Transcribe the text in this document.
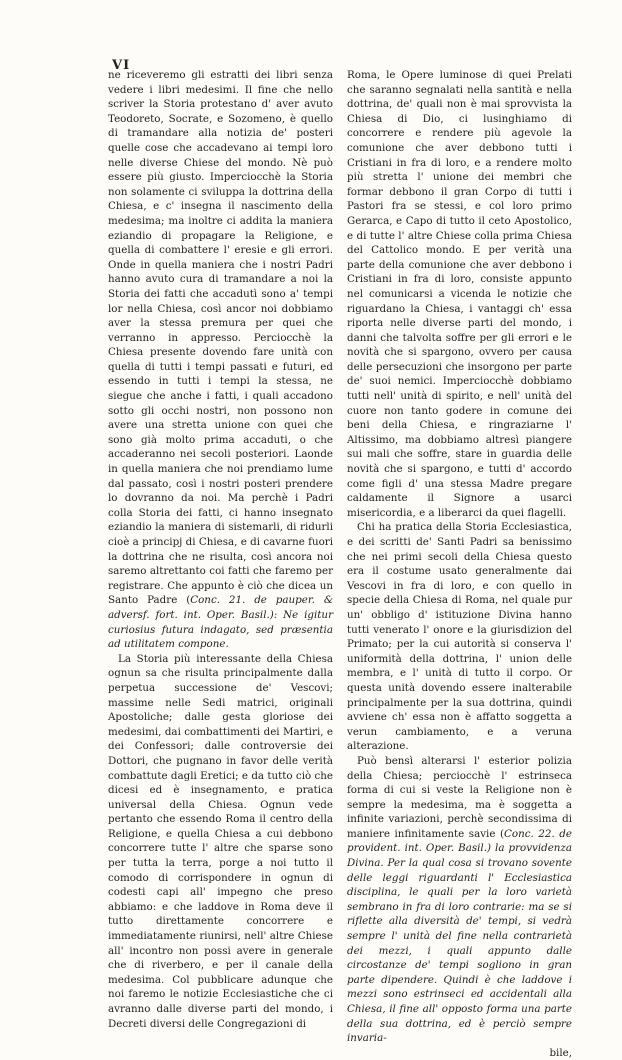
VI

ne riceveremo gli estratti dei libri senza vedere i libri medesimi. Il fine che nello scriver la Storia protestano d' aver avuto Teodoreto, Socrate, e Sozomeno, è quello di tramandare alla notizia de' posteri quelle cose che accadevano ai tempi loro nelle diverse Chiese del mondo. Nè può essere più giusto. Imperciocchè la Storia non solamente ci sviluppa la dottrina della Chiesa, e c' insegna il nascimento della medesima; ma inoltre ci addita la maniera eziandio di propagare la Religione, e quella di combattere l' eresie e gli errori. Onde in quella maniera che i nostri Padri hanno avuto cura di tramandare a noi la Storia dei fatti che accadutì sono a' tempi lor nella Chiesa, così ancor noi dobbiamo aver la stessa premura per quei che verranno in appresso. Perciocchè la Chiesa presente dovendo fare unità con quella di tutti i tempi passati e futuri, ed essendo in tutti i tempi la stessa, ne siegue che anche i fatti, i quali accadono sotto gli occhi nostri, non possono non avere una stretta unione con quei che sono già molto prima accaduti, o che accaderanno nei secoli posteriori. Laonde in quella maniera che noi prendiamo lume dal passato, così i nostri posteri prendere lo dovranno da noi. Ma perchè i Padri colla Storia dei fatti, ci hanno insegnato eziandio la maniera di sistemarli, di ridurli cioè a principj di Chiesa, e di cavarne fuori la dottrina che ne risulta, così ancora noi saremo altrettanto coi fatti che faremo per registrare. Che appunto è ciò che dicea un Santo Padre (Conc. 21. de pauper. & adversf. fort. int. Oper. Basil.): Ne igitur curiosius futura indagato, sed præsentia ad utilitatem compone.

La Storia più interessante della Chiesa ognun sa che risulta principalmente dalla perpetua successione de' Vescovi; massime nelle Sedi matrici, originali Apostoliche; dalle gesta gloriose dei medesimi, dai combattimenti dei Martiri, e dei Confessori; dalle controversie dei Dottori, che pugnano in favor delle verità combattute dagli Eretici; e da tutto ciò che dicesi ed è insegnamento, e pratica universal della Chiesa. Ognun vede pertanto che essendo Roma il centro della Religione, e quella Chiesa a cui debbono concorrere tutte l' altre che sparse sono per tutta la terra, porge a noi tutto il comodo di corrispondere in ognun di codesti capi all' impegno che preso abbiamo: e che laddove in Roma deve il tutto direttamente concorrere e immediatamente riunirsi, nell' altre Chiese all' incontro non possi avere in generale che di riverbero, e per il canale della medesima. Col pubblicare adunque che noi faremo le notizie Ecclesiastiche che ci avranno dalle diverse parti del mondo, i Decreti diversi delle Congregazioni di

Roma, le Opere luminose di quei Prelati che saranno segnalati nella santità e nella dottrina, de' quali non è mai sprovvista la Chiesa di Dio, ci lusinghiamo di concorrere e rendere più agevole la comunione che aver debbono tutti i Cristiani in fra di loro, e a rendere molto più stretta l' unione dei membri che formar debbono il gran Corpo di tutti i Pastori fra se stessi, e col loro primo Gerarca, e Capo di tutto il ceto Apostolico, e di tutte l' altre Chiese colla prima Chiesa del Cattolico mondo. E per verità una parte della comunione che aver debbono i Cristiani in fra di loro, consiste appunto nel comunicarsi a vicenda le notizie che riguardano la Chiesa, i vantaggi ch' essa riporta nelle diverse parti del mondo, i danni che talvolta soffre per gli errori e le novità che si spargono, ovvero per causa delle persecuzioni che insorgono per parte de' suoi nemici. Imperciocchè dobbiamo tutti nell' unità di spirito, e nell' unità del cuore non tanto godere in comune dei beni della Chiesa, e ringraziarne l' Altissimo, ma dobbiamo altresì piangere sui mali che soffre, stare in guardia delle novità che si spargono, e tutti d' accordo come figli d' una stessa Madre pregare caldamente il Signore a usarci misericordia, e a liberarci da quei flagelli.

Chi ha pratica della Storia Ecclesiastica, e dei scritti de' Santi Padri sa benissimo che nei primi secoli della Chiesa questo era il costume usato generalmente dai Vescovi in fra di loro, e con quello in specie della Chiesa di Roma, nel quale pur un' obbligo d' istituzione Divina hanno tutti venerato l' onore e la giurisdizion del Primato; per la cui autorità si conserva l' uniformità della dottrina, l' union delle membra, e l' unità di tutto il corpo. Or questa unità dovendo essere inalterabile principalmente per la sua dottrina, quindi avviene ch' essa non è affatto soggetta a verun cambiamento, e a veruna alterazione.

Può bensì alterarsi l' esterior polizia della Chiesa; perciocchè l' estrinseca forma di cui si veste la Religione non è sempre la medesima, ma è soggetta a infinite variazioni, perchè secondissima di maniere infinitamente savie (Conc. 22. de provident. int. Oper. Basil.) la provvidenza Divina. Per la qual cosa si trovano sovente delle leggi riguardanti l' Ecclesiastica disciplina, le quali per la loro varietà sembrano in fra di loro contrarie: ma se si riflette alla diversità de' tempi, si vedrà sempre l' unità del fine nella contrarietà dei mezzi, i quali appunto dalle circostanze de' tempi sogliono in gran parte dipendere. Quindi è che laddove i mezzi sono estrinseci ed accidentali alla Chiesa, il fine all' opposto forma una parte della sua dottrina, ed è perciò sempre invaria-

bile,
